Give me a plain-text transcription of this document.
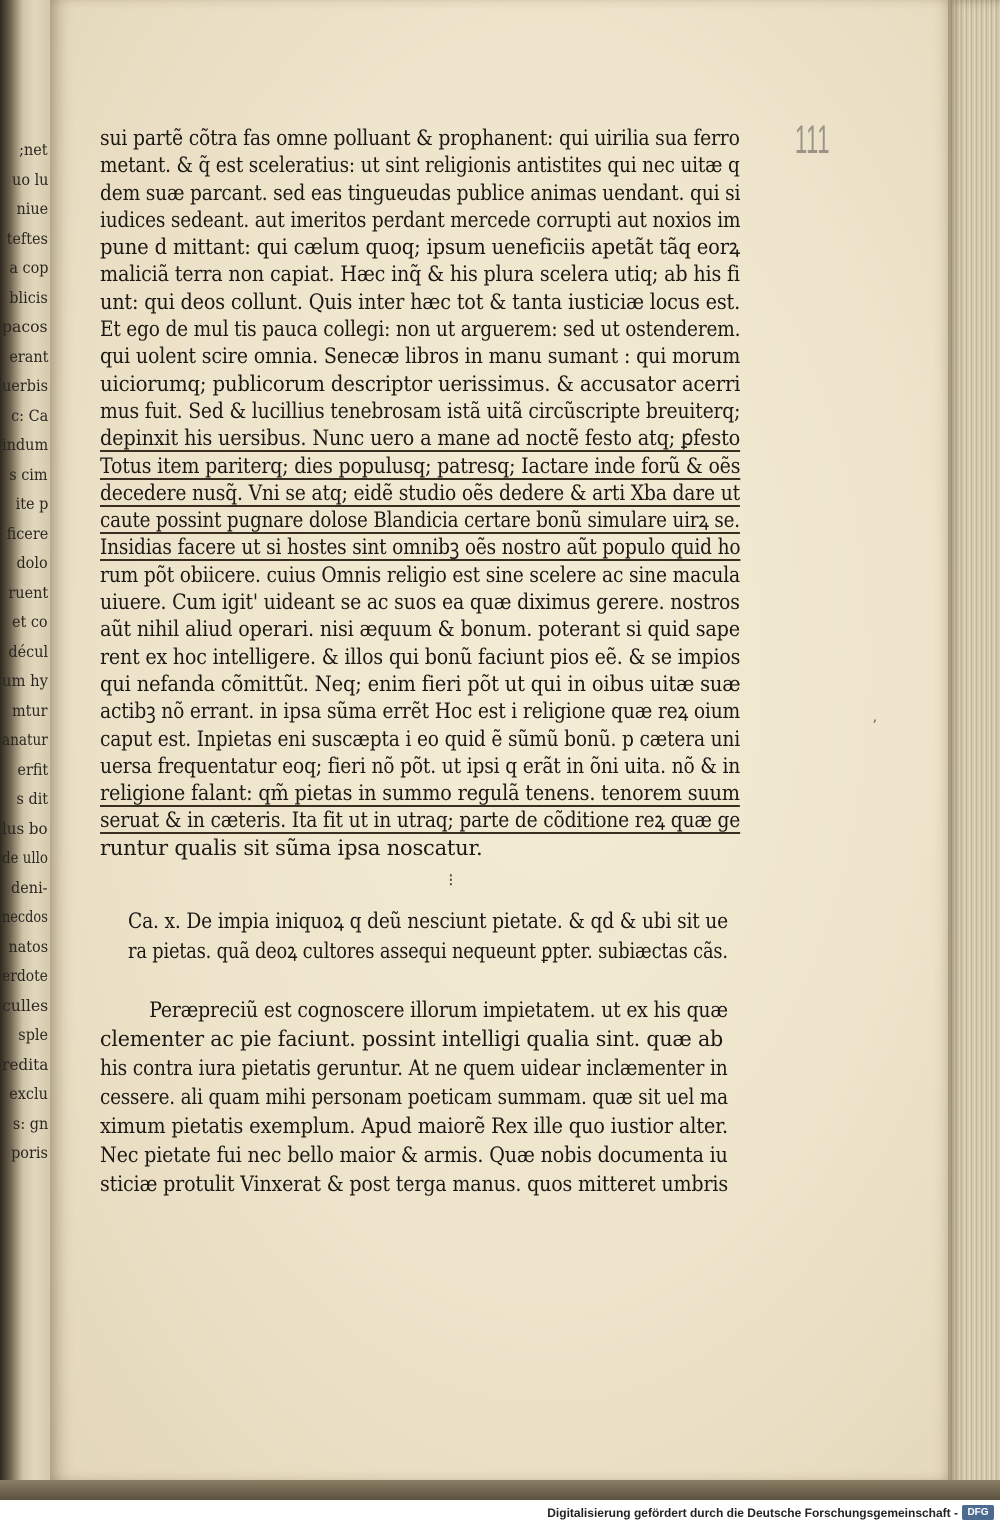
;net
uo lu
niue
teftes
a cop
blicis
pacos
erant
uerbis
c: Ca
indum
s cim
ite p
ficere
dolo
ruent
et co
décul
um hy
mtur
anatur
erfit
s dit
lus bo
de ullo
deni-
necdos
natos
erdote
culles
sple
redita
exclu
s: gn
poris
111
sui partẽ cõtra fas omne polluant & prophanent: qui uirilia sua ferro
metant. & q̃ est sceleratius: ut sint religionis antistites qui nec uitæ q
dem suæ parcant. sed eas tingueudas publice animas uendant. qui si
iudices sedeant. aut imeritos perdant mercede corrupti aut noxios im
pune d mittant: qui cælum quoq; ipsum ueneficiis apetãt tãq eorꝝ
maliciã terra non capiat. Hæc inq̃ & his plura scelera utiq; ab his fi
unt: qui deos collunt. Quis inter hæc tot & tanta iusticiæ locus est.
Et ego de mul tis pauca collegi: non ut arguerem: sed ut ostenderem.
qui uolent scire omnia. Senecæ libros in manu sumant : qui morum
uiciorumq; publicorum descriptor uerissimus. & accusator acerri
mus fuit. Sed & lucillius tenebrosam istã uitã circũscripte breuiterq;
depinxit his uersibus. Nunc uero a mane ad noctẽ festo atq; ꝑfesto
Totus item pariterq; dies populusq; patresq; Iactare inde forũ & oẽs
decedere nusq̃. Vni se atq; eidẽ studio oẽs dedere & arti Xba dare ut
caute possint pugnare dolose Blandicia certare bonũ simulare uirꝝ se.
Insidias facere ut si hostes sint omnibꝫ oẽs nostro aũt populo quid ho
rum põt obiicere. cuius Omnis religio est sine scelere ac sine macula
uiuere. Cum igit' uideant se ac suos ea quæ diximus gerere. nostros
aũt nihil aliud operari. nisi æquum & bonum. poterant si quid sape
rent ex hoc intelligere. & illos qui bonũ faciunt pios eẽ. & se impios
qui nefanda cõmittũt. Neq; enim fieri põt ut qui in oibus uitæ suæ
actibꝫ nõ errant. in ipsa sũma errẽt Hoc est i religione quæ reꝝ oium
caput est. Inpietas eni suscæpta i eo quid ẽ sũmũ bonũ. p cætera uni
uersa frequentatur eoq; fieri nõ põt. ut ipsi q erãt in õni uita. nõ & in
religione falant: qm̃ pietas in summo regulã tenens. tenorem suum
seruat & in cæteris. Ita fit ut in utraq; parte de cõditione reꝝ quæ ge
runtur qualis sit sũma ipsa noscatur.
Ca. x. De impia iniquoꝝ q deũ nesciunt pietate. & qd & ubi sit ue
ra pietas. quã deoꝝ cultores assequi nequeunt ꝑpter. subiæctas cãs.
Peræpreciũ est cognoscere illorum impietatem. ut ex his quæ
clementer ac pie faciunt. possint intelligi qualia sint. quæ ab
his contra iura pietatis geruntur. At ne quem uidear inclæmenter in
cessere. ali quam mihi personam poeticam summam. quæ sit uel ma
ximum pietatis exemplum. Apud maiorẽ Rex ille quo iustior alter.
Nec pietate fui nec bello maior & armis. Quæ nobis documenta iu
sticiæ protulit Vinxerat & post terga manus. quos mitteret umbris
⁝
ʼ
Digitalisierung gefördert durch die Deutsche Forschungsgemeinschaft - DFG
